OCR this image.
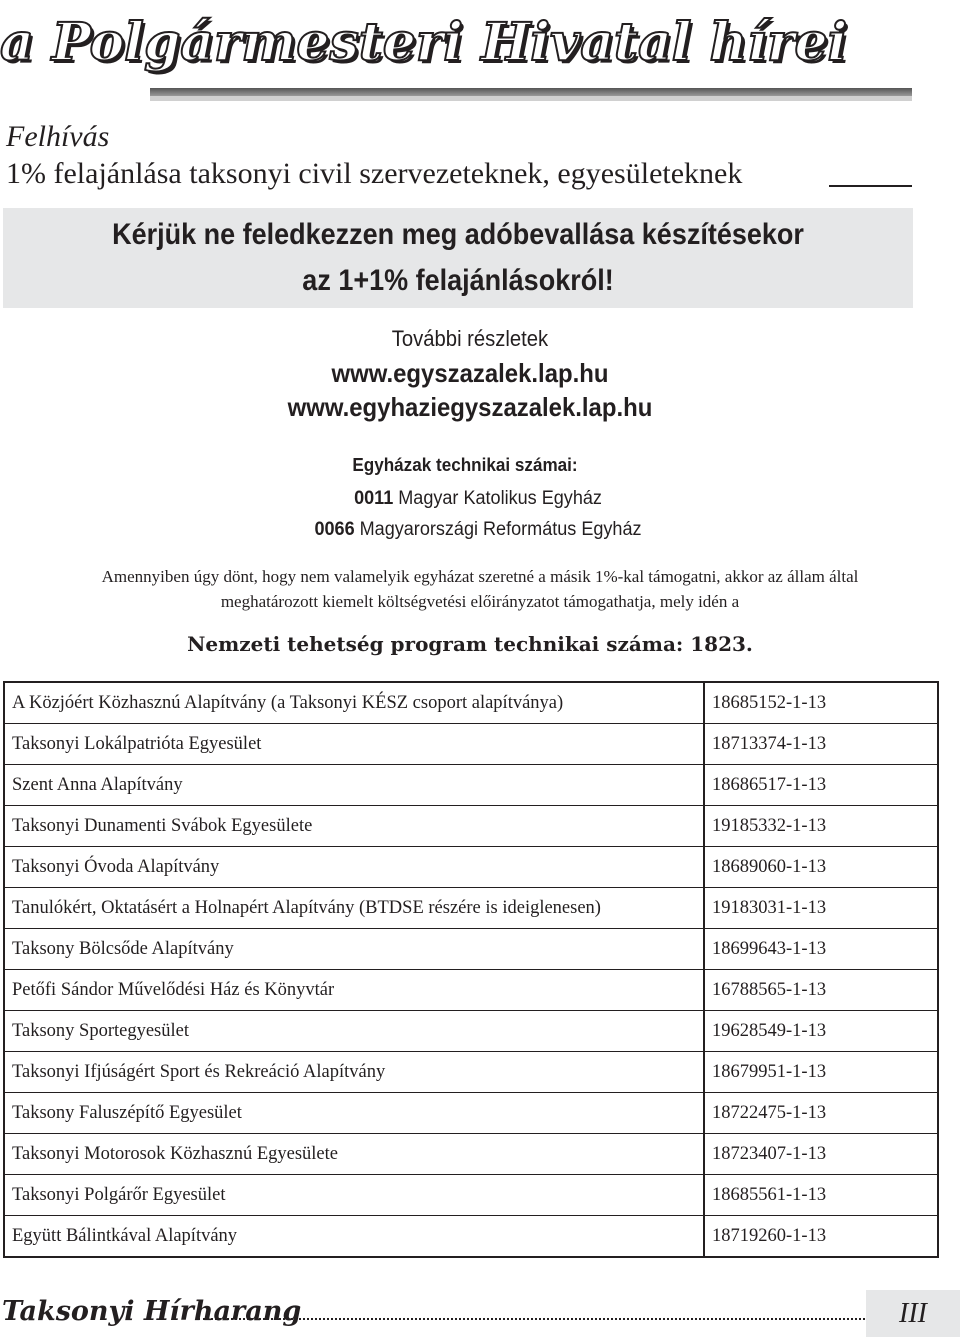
a Polgármesteri Hivatal hírei
Felhívás
1% felajánlása taksonyi civil szervezeteknek, egyesületeknek
Kérjük ne feledkezzen meg adóbevallása készítésekor
az 1+1% felajánlásokról!
További részletek
www.egyszazalek.lap.hu
www.egyhaziegyszazalek.lap.hu
Egyházak technikai számai:
0011 Magyar Katolikus Egyház
0066 Magyarországi Református Egyház
Amennyiben úgy dönt, hogy nem valamelyik egyházat szeretné a másik 1%-kal támogatni, akkor az állam által
meghatározott kiemelt költségvetési előirányzatot támogathatja, mely idén a
Nemzeti tehetség program technikai száma: 1823.
A Közjóért Közhasznú Alapítvány (a Taksonyi KÉSZ csoport alapítványa)	18685152-1-13
Taksonyi Lokálpatrióta Egyesület	18713374-1-13
Szent Anna Alapítvány	18686517-1-13
Taksonyi Dunamenti Svábok Egyesülete	19185332-1-13
Taksonyi Óvoda Alapítvány	18689060-1-13
Tanulókért, Oktatásért a Holnapért Alapítvány (BTDSE részére is ideiglenesen)	19183031-1-13
Taksony Bölcsőde Alapítvány	18699643-1-13
Petőfi Sándor Művelődési Ház és Könyvtár	16788565-1-13
Taksony Sportegyesület	19628549-1-13
Taksonyi Ifjúságért Sport és Rekreáció Alapítvány	18679951-1-13
Taksony Faluszépítő Egyesület	18722475-1-13
Taksonyi Motorosok Közhasznú Egyesülete	18723407-1-13
Taksonyi Polgárőr Egyesület	18685561-1-13
Együtt Bálintkával Alapítvány	18719260-1-13
Taksonyi Hírharang	III
